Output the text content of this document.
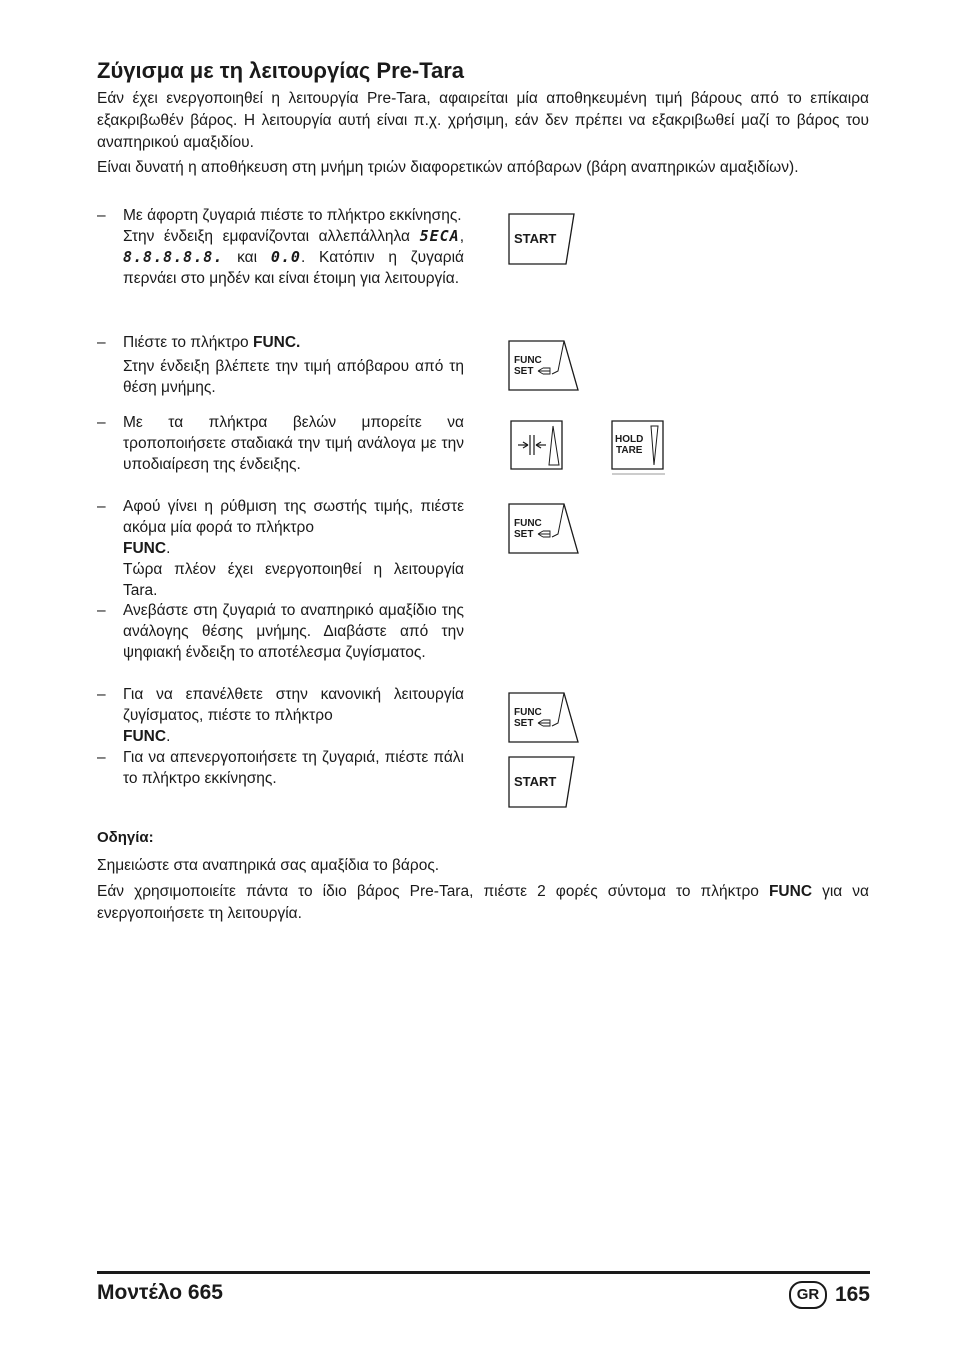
Ζύγισμα με τη λειτουργίας Pre-Tara

Εάν έχει ενεργοποιηθεί η λειτουργία Pre-Tara, αφαιρείται μία αποθηκευμένη τιμή βάρους από το επίκαιρα εξακριβωθέν βάρος. Η λειτουργία αυτή είναι π.χ. χρήσιμη, εάν δεν πρέπει να εξακριβωθεί μαζί το βάρος του αναπηρικού αμαξιδίου.

Είναι δυνατή η αποθήκευση στη μνήμη τριών διαφορετικών απόβαρων (βάρη αναπηρικών αμαξιδίων).

– Με άφορτη ζυγαριά πιέστε το πλήκτρο εκκίνησης.

Στην ένδειξη εμφανίζονται αλλεπάλληλα 5ECA, 8.8.8.8.8. και 0.0. Κατόπιν η ζυγαριά περνάει στο μηδέν και είναι έτοιμη για λειτουργία.

– Πιέστε το πλήκτρο FUNC.

Στην ένδειξη βλέπετε την τιμή απόβαρου από τη θέση μνήμης.

– Με τα πλήκτρα βελών μπορείτε να τροποποιήσετε σταδιακά την τιμή ανάλογα με την υποδιαίρεση της ένδειξης.

– Αφού γίνει η ρύθμιση της σωστής τιμής, πιέστε ακόμα μία φορά το πλήκτρο

FUNC.

Τώρα πλέον έχει ενεργοποιηθεί η λειτουργία Tara.

– Ανεβάστε στη ζυγαριά το αναπηρικό αμαξίδιο της ανάλογης θέσης μνήμης. Διαβάστε από την ψηφιακή ένδειξη το αποτέλεσμα ζυγίσματος.

– Για να επανέλθετε στην κανονική λειτουργία ζυγίσματος, πιέστε το πλήκτρο

FUNC.

– Για να απενεργοποιήσετε τη ζυγαριά, πιέστε πάλι το πλήκτρο εκκίνησης.

START
FUNC
SET
HOLD
TARE
FUNC
SET
FUNC
SET
START
Οδηγία:

Σημειώστε στα αναπηρικά σας αμαξίδια το βάρος.

Εάν χρησιμοποιείτε πάντα το ίδιο βάρος Pre-Tara, πιέστε 2 φορές σύντομα το πλήκτρο FUNC για να ενεργοποιήσετε τη λειτουργία.

Μοντέλο 665	GR 165
